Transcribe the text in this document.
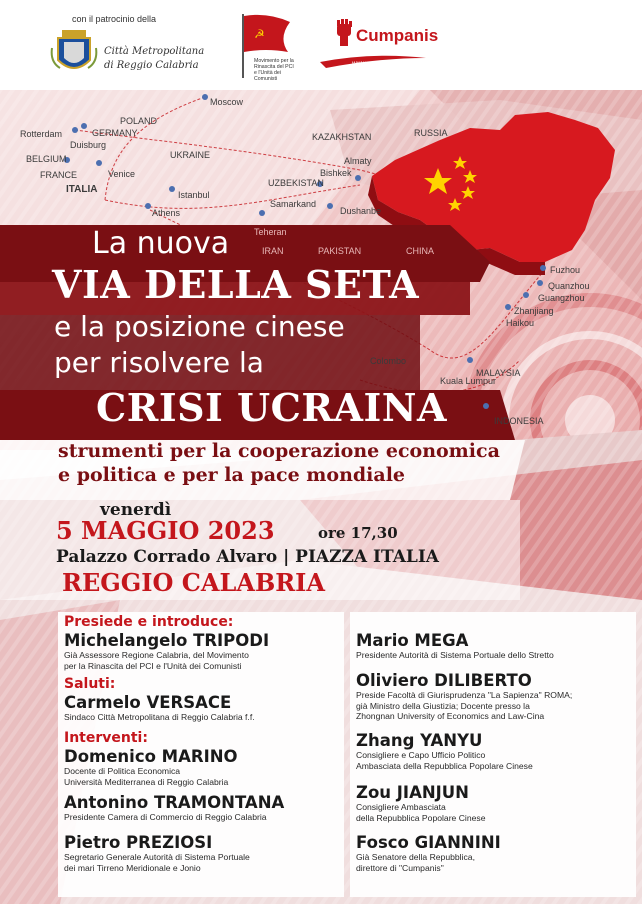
con il patrocinio della
Città Metropolitana
di Reggio Calabria
☭
Movimento per la Rinascita del PCI e l'Unità dei Comunisti
Cumpanis
www.cumpanis.net
Moscow
Rotterdam	GERMANY
POLAND
Duisburg
BELGIUM
FRANCE
ITALIA
Venice
UKRAINE
Istanbul
Athens
KAZAKHSTAN	RUSSIA
Almaty
Bishkek
UZBEKISTAN
Samarkand
Dushanbe
Teheran
IRAN	PAKISTAN	CHINA
Fuzhou
Quanzhou
Guangzhou
Zhanjiang
Haikou
Colombo
Kuala Lumpur
MALAYSIA
INDONESIA
La nuova
VIA DELLA SETA
e la posizione cinese
per risolvere la
CRISI UCRAINA
strumenti per la cooperazione economica
e politica e per la pace mondiale
venerdì
5 MAGGIO 2023	ore 17,30
Palazzo Corrado Alvaro | PIAZZA ITALIA
REGGIO CALABRIA
Presiede e introduce:
Michelangelo TRIPODI
Già Assessore Regione Calabria, del Movimento
per la Rinascita del PCI e l'Unità dei Comunisti
Saluti:
Carmelo VERSACE
Sindaco Città Metropolitana di Reggio Calabria f.f.
Interventi:
Domenico MARINO
Docente di Politica Economica
Università Mediterranea di Reggio Calabria
Antonino TRAMONTANA
Presidente Camera di Commercio di Reggio Calabria
Pietro PREZIOSI
Segretario Generale Autorità di Sistema Portuale
dei mari Tirreno Meridionale e Jonio
Mario MEGA
Presidente Autorità di Sistema Portuale dello Stretto
Oliviero DILIBERTO
Preside Facoltà di Giurisprudenza "La Sapienza" ROMA;
già Ministro della Giustizia; Docente presso la
Zhongnan University of Economics and Law-Cina
Zhang YANYU
Consigliere e Capo Ufficio Politico
Ambasciata della Repubblica Popolare Cinese
Zou JIANJUN
Consigliere Ambasciata
della Repubblica Popolare Cinese
Fosco GIANNINI
Già Senatore della Repubblica,
direttore di "Cumpanis"
